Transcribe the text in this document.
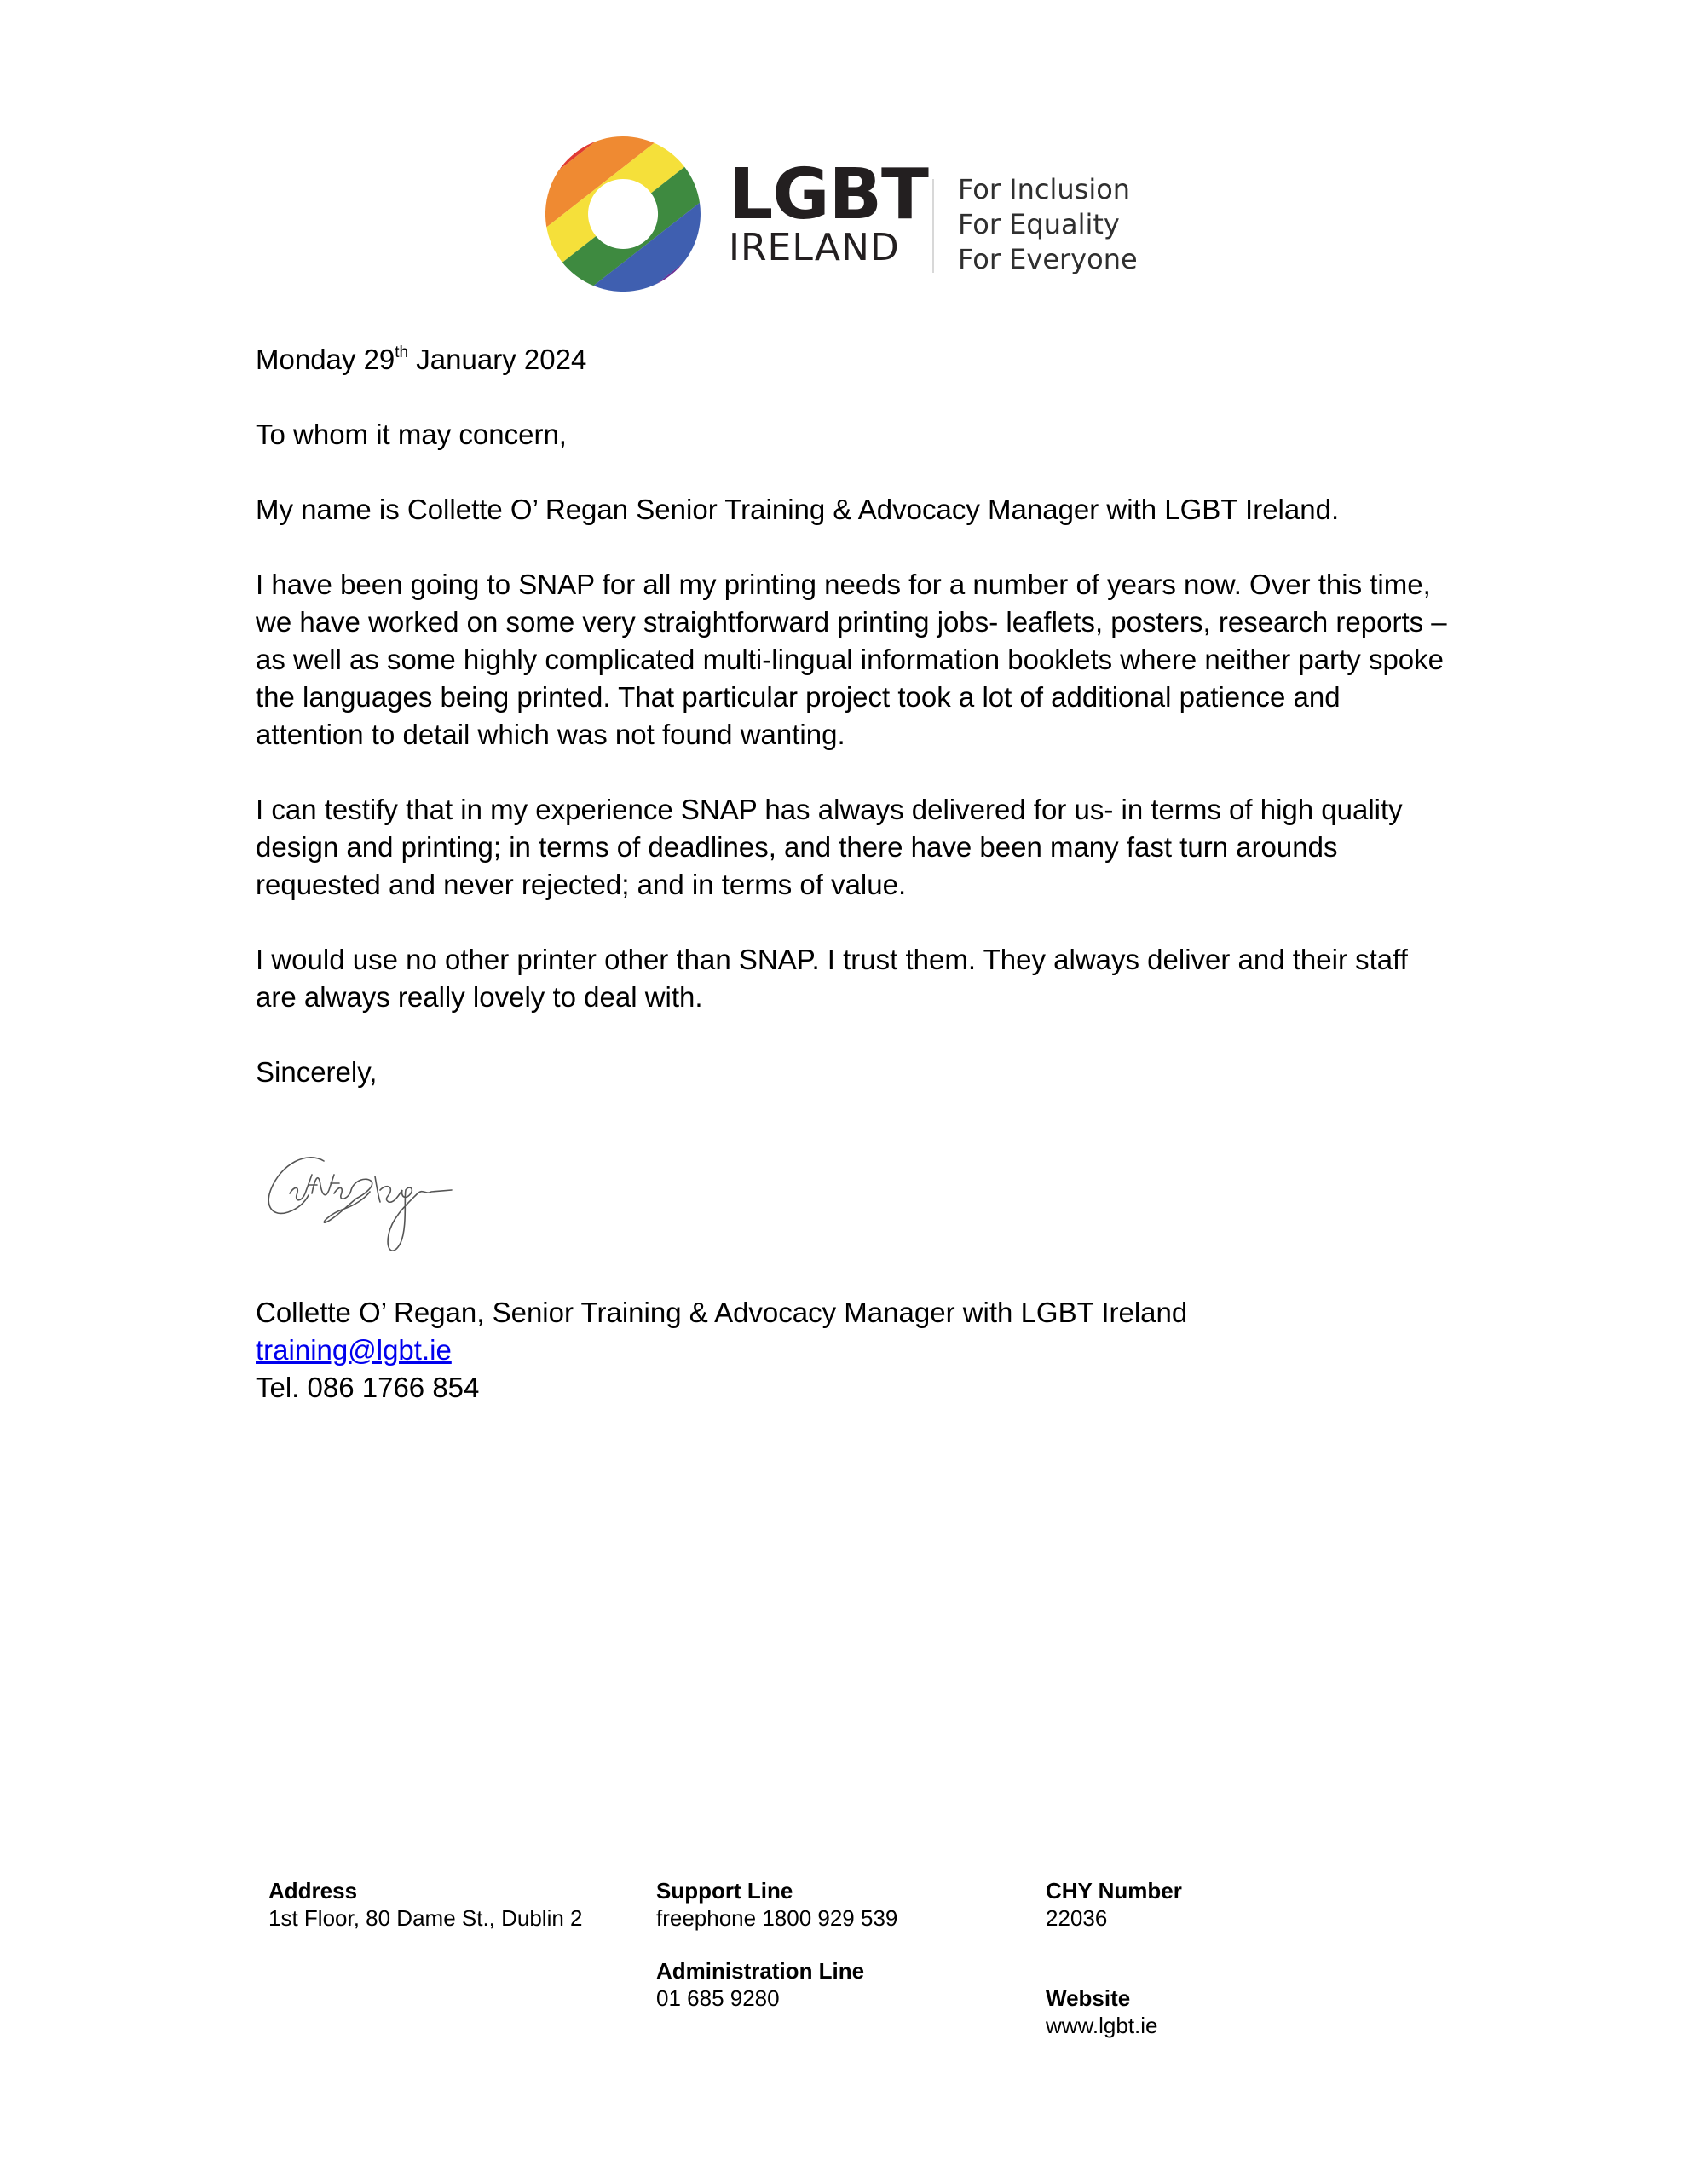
LGBT
IRELAND
For Inclusion
For Equality
For Everyone

Monday 29th January 2024

To whom it may concern,

My name is Collette O’ Regan Senior Training & Advocacy Manager with LGBT Ireland.

I have been going to SNAP for all my printing needs for a number of years now. Over this time, we have worked on some very straightforward printing jobs- leaflets, posters, research reports – as well as some highly complicated multi-lingual information booklets where neither party spoke the languages being printed. That particular project took a lot of additional patience and attention to detail which was not found wanting.

I can testify that in my experience SNAP has always delivered for us- in terms of high quality design and printing; in terms of deadlines, and there have been many fast turn arounds requested and never rejected; and in terms of value.

I would use no other printer other than SNAP. I trust them. They always deliver and their staff are always really lovely to deal with.

Sincerely,

Collette O’ Regan, Senior Training & Advocacy Manager with LGBT Ireland
training@lgbt.ie
Tel. 086 1766 854
Address
1st Floor, 80 Dame St., Dublin 2
Support Line
freephone 1800 929 539
Administration Line
01 685 9280
CHY Number
22036
Website
www.lgbt.ie
